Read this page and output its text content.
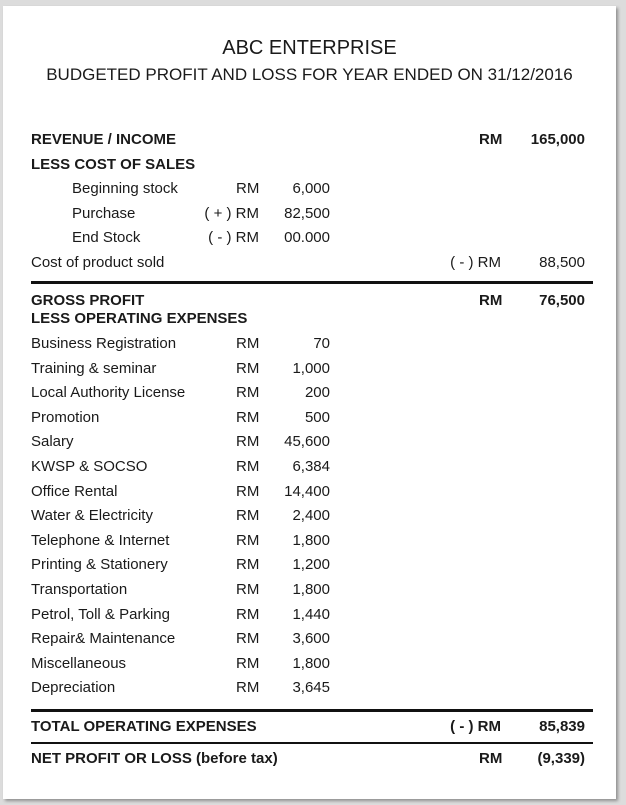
ABC ENTERPRISE
BUDGETED PROFIT AND LOSS FOR YEAR ENDED ON 31/12/2016
REVENUE / INCOME	RM	165,000
LESS COST OF SALES
Beginning stock	RM	6,000
Purchase	( + ) RM	82,500
End Stock	( - ) RM	00.000
Cost of product sold	( - ) RM	88,500
GROSS PROFIT	RM	76,500
LESS OPERATING EXPENSES
Business Registration	RM	70
Training & seminar	RM	1,000
Local Authority License	RM	200
Promotion	RM	500
Salary	RM	45,600
KWSP & SOCSO	RM	6,384
Office Rental	RM	14,400
Water & Electricity	RM	2,400
Telephone & Internet	RM	1,800
Printing & Stationery	RM	1,200
Transportation	RM	1,800
Petrol, Toll & Parking	RM	1,440
Repair& Maintenance	RM	3,600
Miscellaneous	RM	1,800
Depreciation	RM	3,645
TOTAL OPERATING EXPENSES	( - ) RM	85,839
NET PROFIT OR LOSS (before tax)	RM	(9,339)
